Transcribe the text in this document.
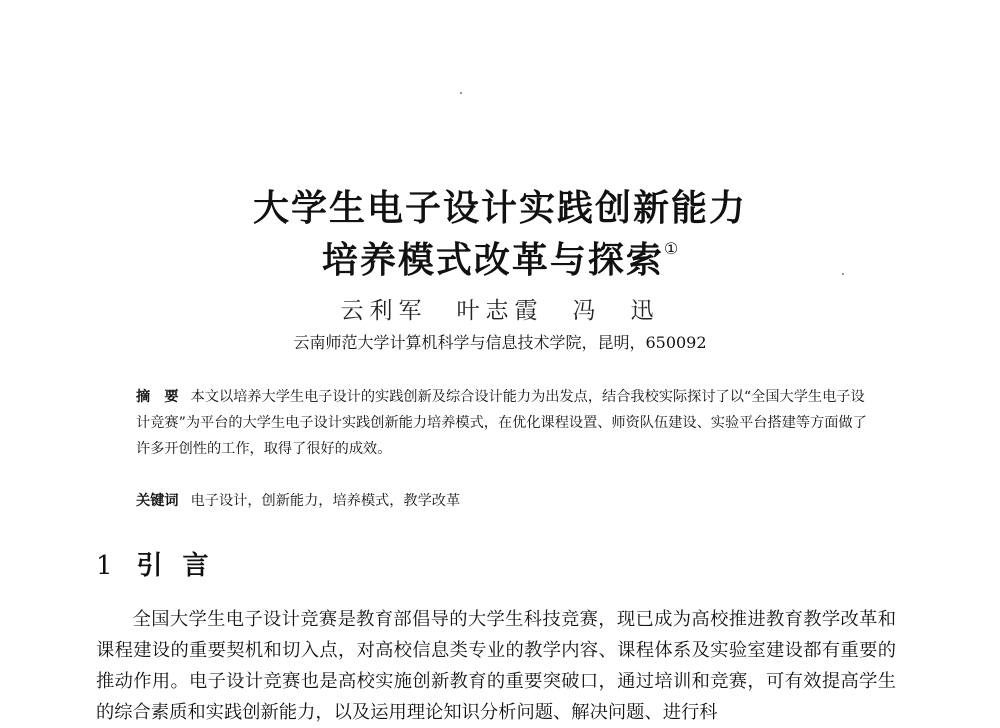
大学生电子设计实践创新能力
培养模式改革与探索①
云利军　叶志霞　冯　迅
云南师范大学计算机科学与信息技术学院，昆明，650092
摘　要 本文以培养大学生电子设计的实践创新及综合设计能力为出发点，结合我校实际探讨了以“全国大学生电子设计竞赛”为平台的大学生电子设计实践创新能力培养模式，在优化课程设置、师资队伍建设、实验平台搭建等方面做了许多开创性的工作，取得了很好的成效。
关键词 电子设计，创新能力，培养模式，教学改革
1 引言

全国大学生电子设计竞赛是教育部倡导的大学生科技竞赛，现已成为高校推进教育教学改革和课程建设的重要契机和切入点，对高校信息类专业的教学内容、课程体系及实验室建设都有重要的推动作用。电子设计竞赛也是高校实施创新教育的重要突破口，通过培训和竞赛，可有效提高学生的综合素质和实践创新能力，以及运用理论知识分析问题、解决问题、进行科
